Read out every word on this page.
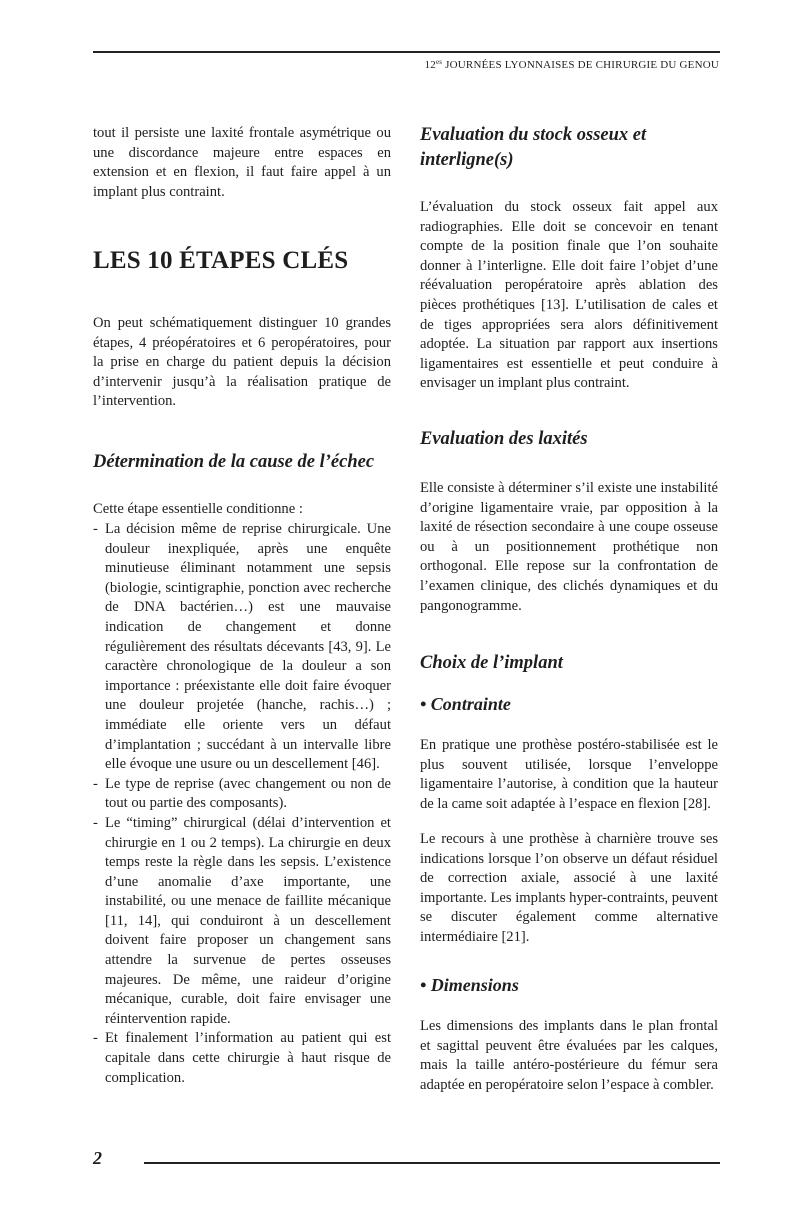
$12^{es}$ JOURNÉES LYONNAISES DE CHIRURGIE DU GENOU

tout il persiste une laxité frontale asymétrique ou une discordance majeure entre espaces en extension et en flexion, il faut faire appel à un implant plus contraint.

LES 10 ÉTAPES CLÉS

On peut schématiquement distinguer 10 grandes étapes, 4 préopératoires et 6 peropératoires, pour la prise en charge du patient depuis la décision d’intervenir jusqu’à la réalisation pratique de l’intervention.

Détermination de la cause de l’échec

Cette étape essentielle conditionne :

- La décision même de reprise chirurgicale. Une douleur inexpliquée, après une enquête minutieuse éliminant notamment une sepsis (biologie, scintigraphie, ponction avec recherche de DNA bactérien…) est une mauvaise indication de changement et donne régulièrement des résultats décevants [43, 9]. Le caractère chronologique de la douleur a son importance : préexistante elle doit faire évoquer une douleur projetée (hanche, rachis…) ; immédiate elle oriente vers un défaut d’implantation ; succédant à un intervalle libre elle évoque une usure ou un descellement [46].
- Le type de reprise (avec changement ou non de tout ou partie des composants).
- Le “timing” chirurgical (délai d’intervention et chirurgie en 1 ou 2 temps). La chirurgie en deux temps reste la règle dans les sepsis. L’existence d’une anomalie d’axe importante, une instabilité, ou une menace de faillite mécanique [11, 14], qui conduiront à un descellement doivent faire proposer un changement sans attendre la survenue de pertes osseuses majeures. De même, une raideur d’origine mécanique, curable, doit faire envisager une réintervention rapide.
- Et finalement l’information au patient qui est capitale dans cette chirurgie à haut risque de complication.
Evaluation du stock osseux et interligne(s)

L’évaluation du stock osseux fait appel aux radiographies. Elle doit se concevoir en tenant compte de la position finale que l’on souhaite donner à l’interligne. Elle doit faire l’objet d’une réévaluation peropératoire après ablation des pièces prothétiques [13]. L’utilisation de cales et de tiges appropriées sera alors définitivement adoptée. La situation par rapport aux insertions ligamentaires est essentielle et peut conduire à envisager un implant plus contraint.

Evaluation des laxités

Elle consiste à déterminer s’il existe une instabilité d’origine ligamentaire vraie, par opposition à la laxité de résection secondaire à une coupe osseuse ou à un positionnement prothétique non orthogonal. Elle repose sur la confrontation de l’examen clinique, des clichés dynamiques et du pangonogramme.

Choix de l’implant
• Contrainte

En pratique une prothèse postéro-stabilisée est le plus souvent utilisée, lorsque l’enveloppe ligamentaire l’autorise, à condition que la hauteur de la came soit adaptée à l’espace en flexion [28].

Le recours à une prothèse à charnière trouve ses indications lorsque l’on observe un défaut résiduel de correction axiale, associé à une laxité importante. Les implants hyper-contraints, peuvent se discuter également comme alternative intermédiaire [21].

• Dimensions

Les dimensions des implants dans le plan frontal et sagittal peuvent être évaluées par les calques, mais la taille antéro-postérieure du fémur sera adaptée en peropératoire selon l’espace à combler.

2
